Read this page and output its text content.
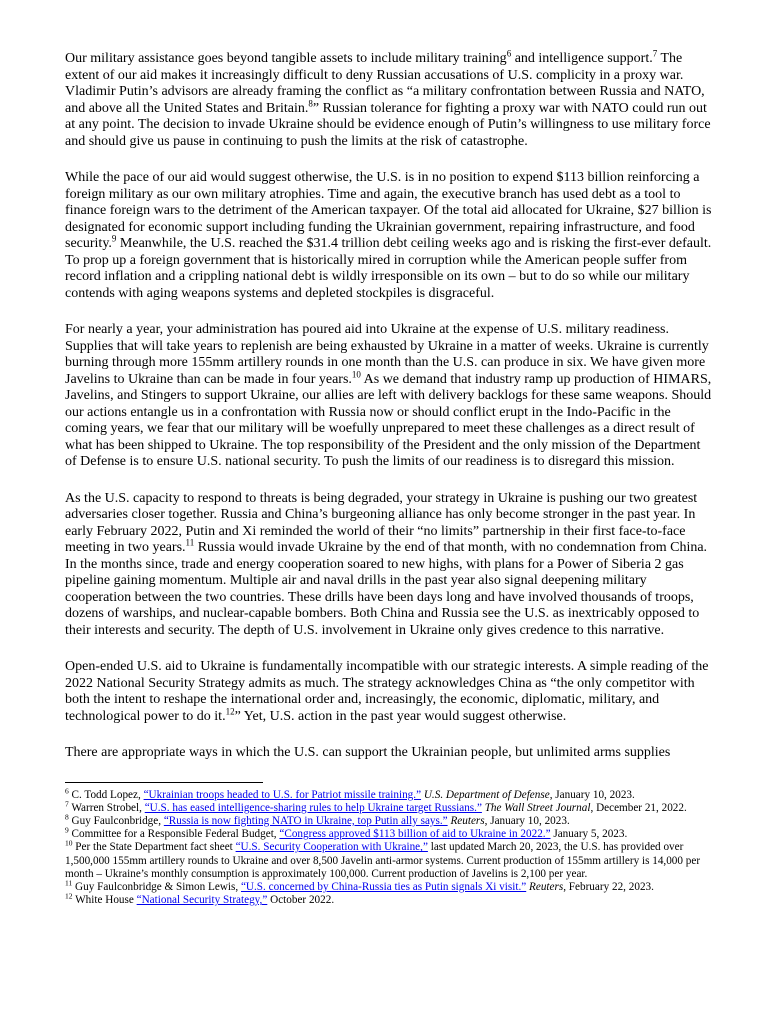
Our military assistance goes beyond tangible assets to include military training$^6$ and intelligence support.$^7$ The extent of our aid makes it increasingly difficult to deny Russian accusations of U.S. complicity in a proxy war. Vladimir Putin’s advisors are already framing the conflict as “a military confrontation between Russia and NATO, and above all the United States and Britain.$^8$” Russian tolerance for fighting a proxy war with NATO could run out at any point. The decision to invade Ukraine should be evidence enough of Putin’s willingness to use military force and should give us pause in continuing to push the limits at the risk of catastrophe.

While the pace of our aid would suggest otherwise, the U.S. is in no position to expend $113 billion reinforcing a foreign military as our own military atrophies. Time and again, the executive branch has used debt as a tool to finance foreign wars to the detriment of the American taxpayer. Of the total aid allocated for Ukraine, $27 billion is designated for economic support including funding the Ukrainian government, repairing infrastructure, and food security.$^9$ Meanwhile, the U.S. reached the $31.4 trillion debt ceiling weeks ago and is risking the first-ever default. To prop up a foreign government that is historically mired in corruption while the American people suffer from record inflation and a crippling national debt is wildly irresponsible on its own – but to do so while our military contends with aging weapons systems and depleted stockpiles is disgraceful.

For nearly a year, your administration has poured aid into Ukraine at the expense of U.S. military readiness. Supplies that will take years to replenish are being exhausted by Ukraine in a matter of weeks. Ukraine is currently burning through more 155mm artillery rounds in one month than the U.S. can produce in six. We have given more Javelins to Ukraine than can be made in four years.$^{10}$ As we demand that industry ramp up production of HIMARS, Javelins, and Stingers to support Ukraine, our allies are left with delivery backlogs for these same weapons. Should our actions entangle us in a confrontation with Russia now or should conflict erupt in the Indo-Pacific in the coming years, we fear that our military will be woefully unprepared to meet these challenges as a direct result of what has been shipped to Ukraine. The top responsibility of the President and the only mission of the Department of Defense is to ensure U.S. national security. To push the limits of our readiness is to disregard this mission.

As the U.S. capacity to respond to threats is being degraded, your strategy in Ukraine is pushing our two greatest adversaries closer together. Russia and China’s burgeoning alliance has only become stronger in the past year. In early February 2022, Putin and Xi reminded the world of their “no limits” partnership in their first face-to-face meeting in two years.$^{11}$ Russia would invade Ukraine by the end of that month, with no condemnation from China. In the months since, trade and energy cooperation soared to new highs, with plans for a Power of Siberia 2 gas pipeline gaining momentum. Multiple air and naval drills in the past year also signal deepening military cooperation between the two countries. These drills have been days long and have involved thousands of troops, dozens of warships, and nuclear-capable bombers. Both China and Russia see the U.S. as inextricably opposed to their interests and security. The depth of U.S. involvement in Ukraine only gives credence to this narrative.

Open-ended U.S. aid to Ukraine is fundamentally incompatible with our strategic interests. A simple reading of the 2022 National Security Strategy admits as much. The strategy acknowledges China as “the only competitor with both the intent to reshape the international order and, increasingly, the economic, diplomatic, military, and technological power to do it.$^{12}$” Yet, U.S. action in the past year would suggest otherwise.

There are appropriate ways in which the U.S. can support the Ukrainian people, but unlimited arms supplies

$^6$ C. Todd Lopez, “Ukrainian troops headed to U.S. for Patriot missile training.” U.S. Department of Defense, January 10, 2023.

$^7$ Warren Strobel, “U.S. has eased intelligence-sharing rules to help Ukraine target Russians.” The Wall Street Journal, December 21, 2022.

$^8$ Guy Faulconbridge, “Russia is now fighting NATO in Ukraine, top Putin ally says.” Reuters, January 10, 2023.

$^9$ Committee for a Responsible Federal Budget, “Congress approved $113 billion of aid to Ukraine in 2022.” January 5, 2023.

$^{10}$ Per the State Department fact sheet “U.S. Security Cooperation with Ukraine,” last updated March 20, 2023, the U.S. has provided over 1,500,000 155mm artillery rounds to Ukraine and over 8,500 Javelin anti-armor systems. Current production of 155mm artillery is 14,000 per month – Ukraine’s monthly consumption is approximately 100,000. Current production of Javelins is 2,100 per year.

$^{11}$ Guy Faulconbridge & Simon Lewis, “U.S. concerned by China-Russia ties as Putin signals Xi visit.” Reuters, February 22, 2023.

$^{12}$ White House “National Security Strategy,” October 2022.
